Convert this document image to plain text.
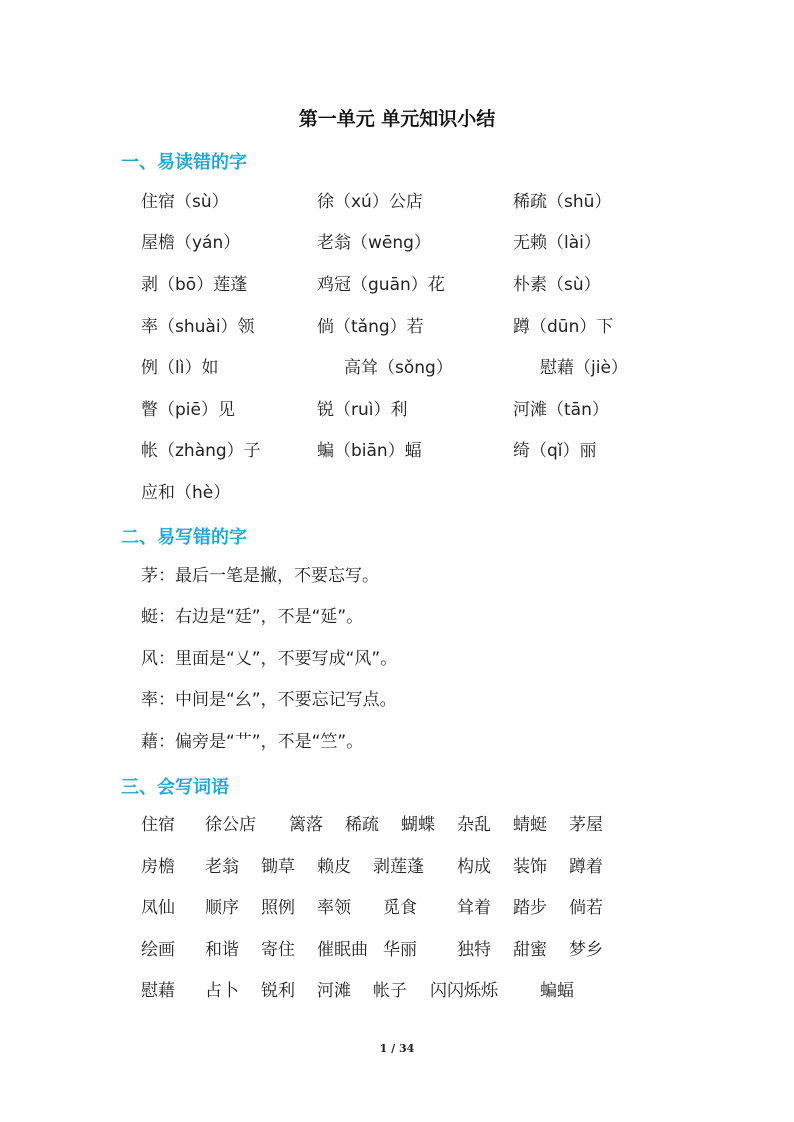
第一单元 单元知识小结
一、易读错的字
住宿（sù）	徐（xú）公店	稀疏（shū）
屋檐（yán）	老翁（wēng）	无赖（lài）
剥（bō）莲蓬	鸡冠（guān）花	朴素（sù）
率（shuài）领	倘（tǎng）若	蹲（dūn）下
例（lì）如	高耸（sǒng）	慰藉（jiè）
瞥（piē）见	锐（ruì）利	河滩（tān）
帐（zhàng）子	蝙（biān）蝠	绮（qǐ）丽
应和（hè）
二、易写错的字
茅：最后一笔是撇，不要忘写。
蜓：右边是“廷”，不是“延”。
风：里面是“乂”，不要写成“风”。
率：中间是“幺”，不要忘记写点。
藉：偏旁是“艹”，不是“竺”。
三、会写词语
住宿 徐公店 篱落 稀疏 蝴蝶 杂乱 蜻蜓 茅屋
房檐 老翁 锄草 赖皮 剥莲蓬 构成 装饰 蹲着
凤仙 顺序 照例 率领 觅食 耸着 踏步 倘若
绘画 和谐 寄住 催眠曲 华丽 独特 甜蜜 梦乡
慰藉 占卜 锐利 河滩 帐子 闪闪烁烁 蝙蝠
1 / 34
